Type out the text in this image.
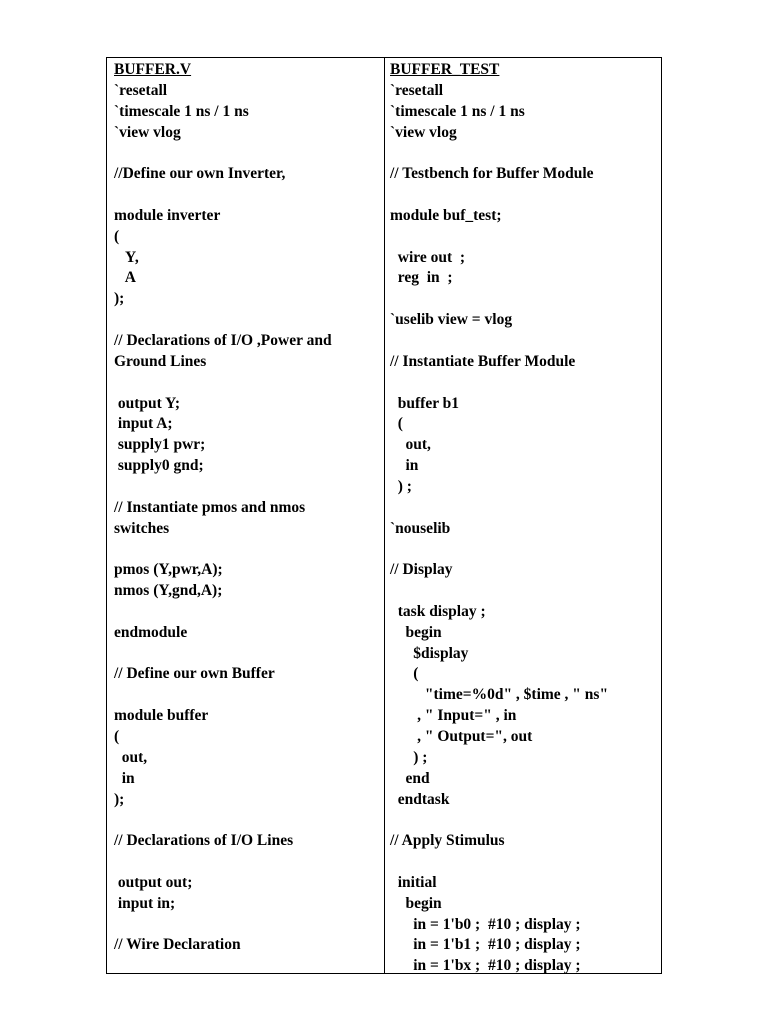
BUFFER.V
`resetall
`timescale 1 ns / 1 ns
`view vlog
//Define our own Inverter,
module inverter
(
Y,
A
);
// Declarations of I/O ,Power and
Ground Lines
output Y;
input A;
supply1 pwr;
supply0 gnd;
// Instantiate pmos and nmos
switches
pmos (Y,pwr,A);
nmos (Y,gnd,A);
endmodule
// Define our own Buffer
module buffer
(
out,
in
);
// Declarations of I/O Lines
output out;
input in;
// Wire Declaration
BUFFER_TEST
`resetall
`timescale 1 ns / 1 ns
`view vlog
// Testbench for Buffer Module
module buf_test;
wire out  ;
reg  in  ;
`uselib view = vlog
// Instantiate Buffer Module
buffer b1
(
out,
in
) ;
`nouselib
// Display
task display ;
begin
$display
(
"time=%0d" , $time , " ns"
, " Input=" , in
, " Output=", out
) ;
end
endtask
// Apply Stimulus
initial
begin
in = 1'b0 ;  #10 ; display ;
in = 1'b1 ;  #10 ; display ;
in = 1'bx ;  #10 ; display ;
